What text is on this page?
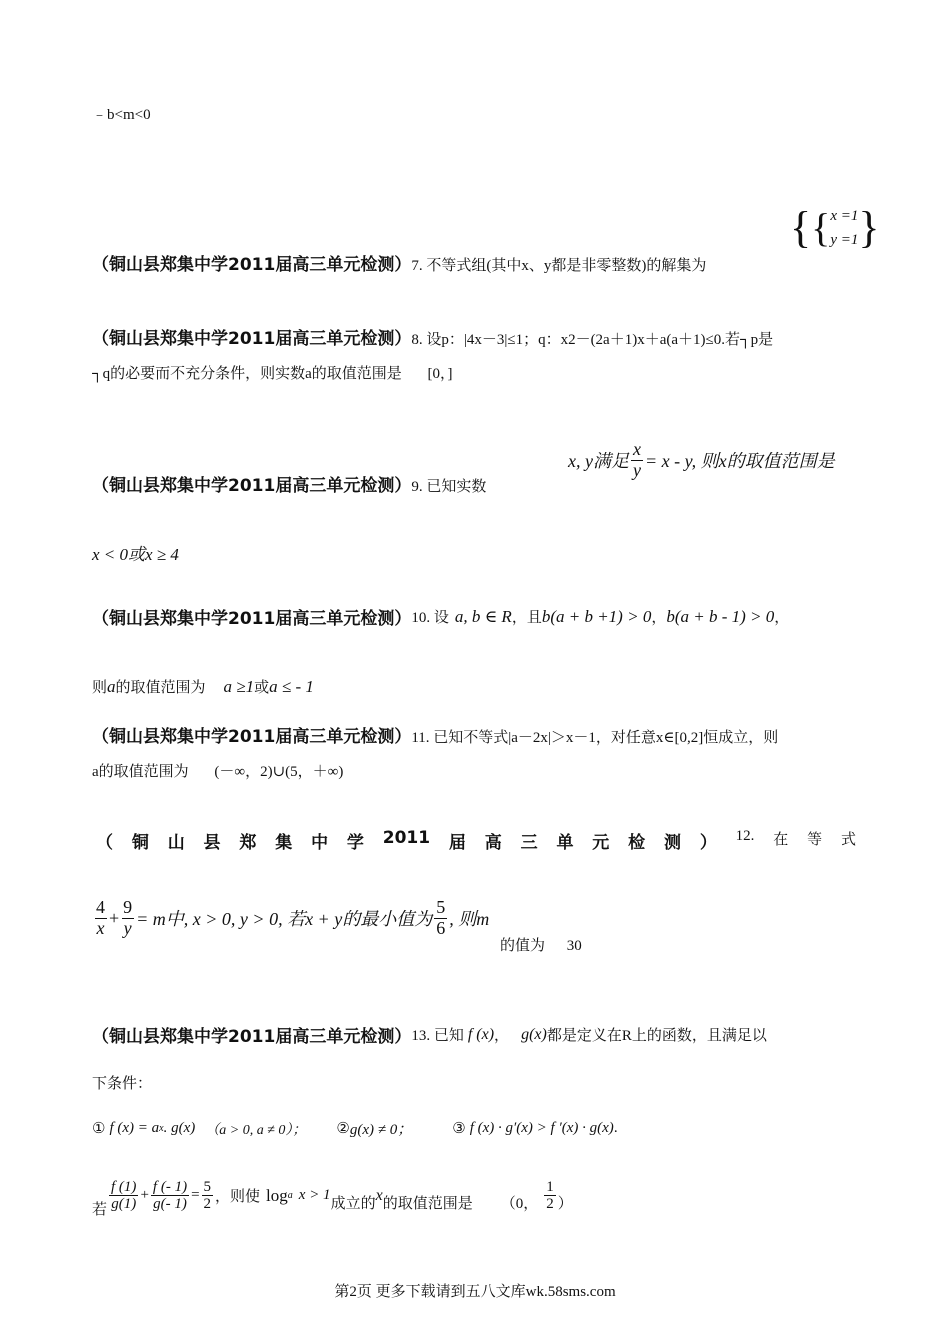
﹣b<m<0
（铜山县郑集中学2011届高三单元检测）7. 不等式组(其中x、y都是非零整数)的解集为
{ { x =1
y =1 }
（铜山县郑集中学2011届高三单元检测）8. 设p：|4x－3|≤1；q：x2－(2a＋1)x＋a(a＋1)≤0.若┐p是
┐q的必要而不充分条件，则实数a的取值范围是 [0，]
（铜山县郑集中学2011届高三单元检测）9. 已知实数
x, y满足 $\frac{x}{y} = x - y$, 则x的取值范围是
x < 0或x ≥ 4
（铜山县郑集中学2011届高三单元检测） 10. 设 a, b ∈ R ，且 b(a + b +1) > 0 ， b(a + b - 1) > 0 ，
则 a 的取值范围为 a ≥1 或 a ≤ - 1
（铜山县郑集中学2011届高三单元检测）11. 已知不等式|a－2x|＞x－1，对任意x∈[0,2]恒成立，则
a的取值范围为 (－∞，2)∪(5，＋∞)
（ 铜 山 县 郑 集 中 学 2011 届 高 三 单 元 检 测 ） 12. 在 等 式
$\frac{4}{x} + \frac{9}{y} = m$中, x > 0, y > 0, 若x + y的最小值为 $\frac{5}{6}$ , 则m
的值为 30
（铜山县郑集中学2011届高三单元检测） 13. 已知 f (x) ， g(x) 都是定义在R上的函数，且满足以
下条件：
① f (x) = a x . g(x) （a > 0, a ≠ 0）； ② g(x) ≠ 0；	③ f (x) · g′(x) > f ′(x) · g(x) .
若 $\frac{f (1)}{g(1)} + \frac{f (- 1)}{g(- 1)} = \frac{5}{2}$ ，则使 log a x > 1
成立的
x
的取值范围是 （0， $\frac{1}{2}$ ）
第2页 更多下载请到五八文库wk.58sms.com
